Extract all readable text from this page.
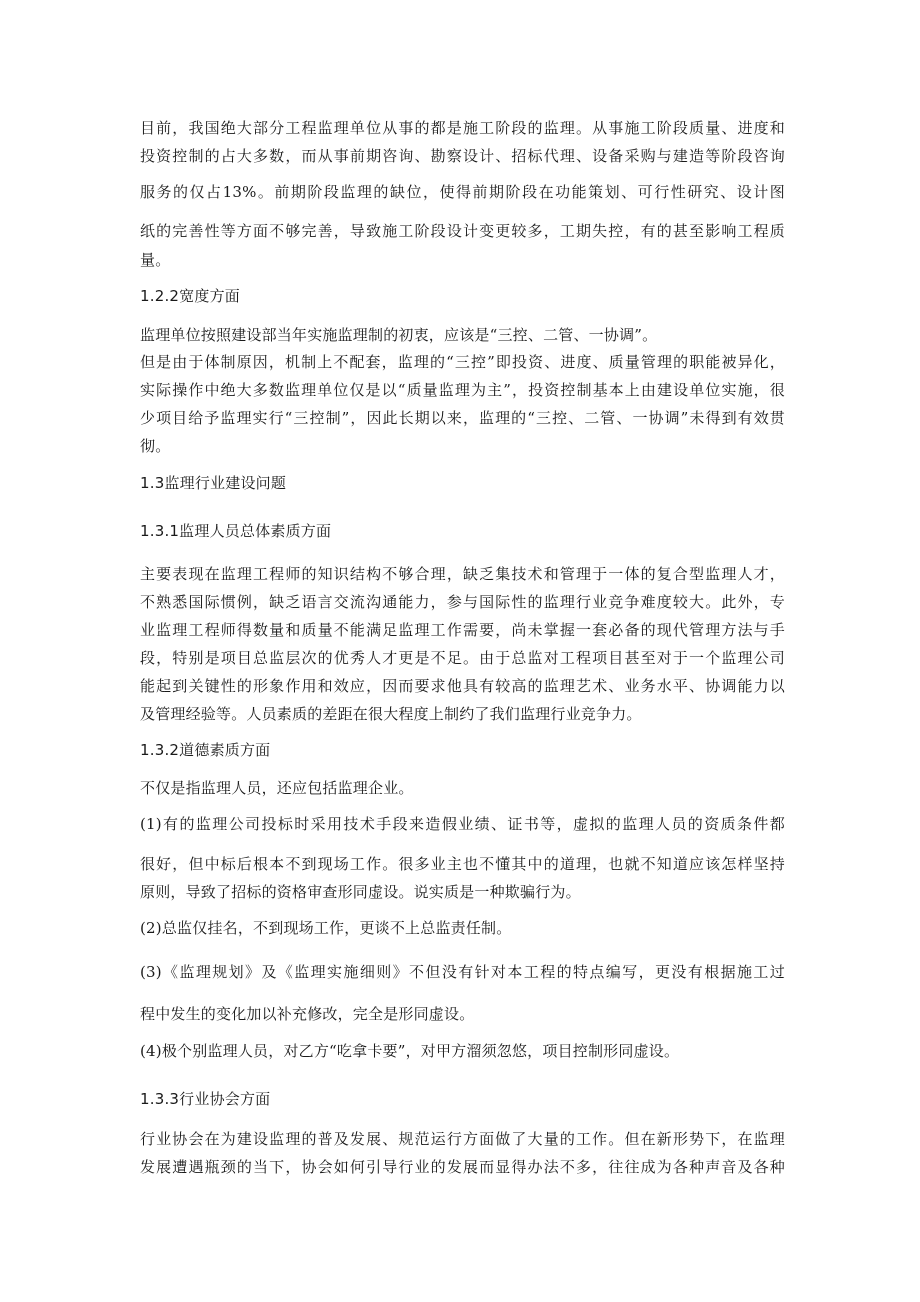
目前，我国绝大部分工程监理单位从事的都是施工阶段的监理。从事施工阶段质量、进度和
投资控制的占大多数，而从事前期咨询、勘察设计、招标代理、设备采购与建造等阶段咨询
服务的仅占13%。前期阶段监理的缺位，使得前期阶段在功能策划、可行性研究、设计图
纸的完善性等方面不够完善，导致施工阶段设计变更较多，工期失控，有的甚至影响工程质
量。
1.2.2宽度方面
监理单位按照建设部当年实施监理制的初衷，应该是“三控、二管、一协调”。
但是由于体制原因，机制上不配套，监理的“三控”即投资、进度、质量管理的职能被异化，
实际操作中绝大多数监理单位仅是以“质量监理为主”，投资控制基本上由建设单位实施，很
少项目给予监理实行“三控制”，因此长期以来，监理的“三控、二管、一协调”未得到有效贯
彻。
1.3监理行业建设问题
1.3.1监理人员总体素质方面
主要表现在监理工程师的知识结构不够合理，缺乏集技术和管理于一体的复合型监理人才，
不熟悉国际惯例，缺乏语言交流沟通能力，参与国际性的监理行业竞争难度较大。此外，专
业监理工程师得数量和质量不能满足监理工作需要，尚未掌握一套必备的现代管理方法与手
段，特别是项目总监层次的优秀人才更是不足。由于总监对工程项目甚至对于一个监理公司
能起到关键性的形象作用和效应，因而要求他具有较高的监理艺术、业务水平、协调能力以
及管理经验等。人员素质的差距在很大程度上制约了我们监理行业竞争力。
1.3.2道德素质方面
不仅是指监理人员，还应包括监理企业。
(1)有的监理公司投标时采用技术手段来造假业绩、证书等，虚拟的监理人员的资质条件都
很好，但中标后根本不到现场工作。很多业主也不懂其中的道理，也就不知道应该怎样坚持
原则，导致了招标的资格审查形同虚设。说实质是一种欺骗行为。
(2)总监仅挂名，不到现场工作，更谈不上总监责任制。
(3)《监理规划》及《监理实施细则》不但没有针对本工程的特点编写，更没有根据施工过
程中发生的变化加以补充修改，完全是形同虚设。
(4)极个别监理人员，对乙方“吃拿卡要”，对甲方溜须忽悠，项目控制形同虚设。
1.3.3行业协会方面
行业协会在为建设监理的普及发展、规范运行方面做了大量的工作。但在新形势下，在监理
发展遭遇瓶颈的当下，协会如何引导行业的发展而显得办法不多，往往成为各种声音及各种
